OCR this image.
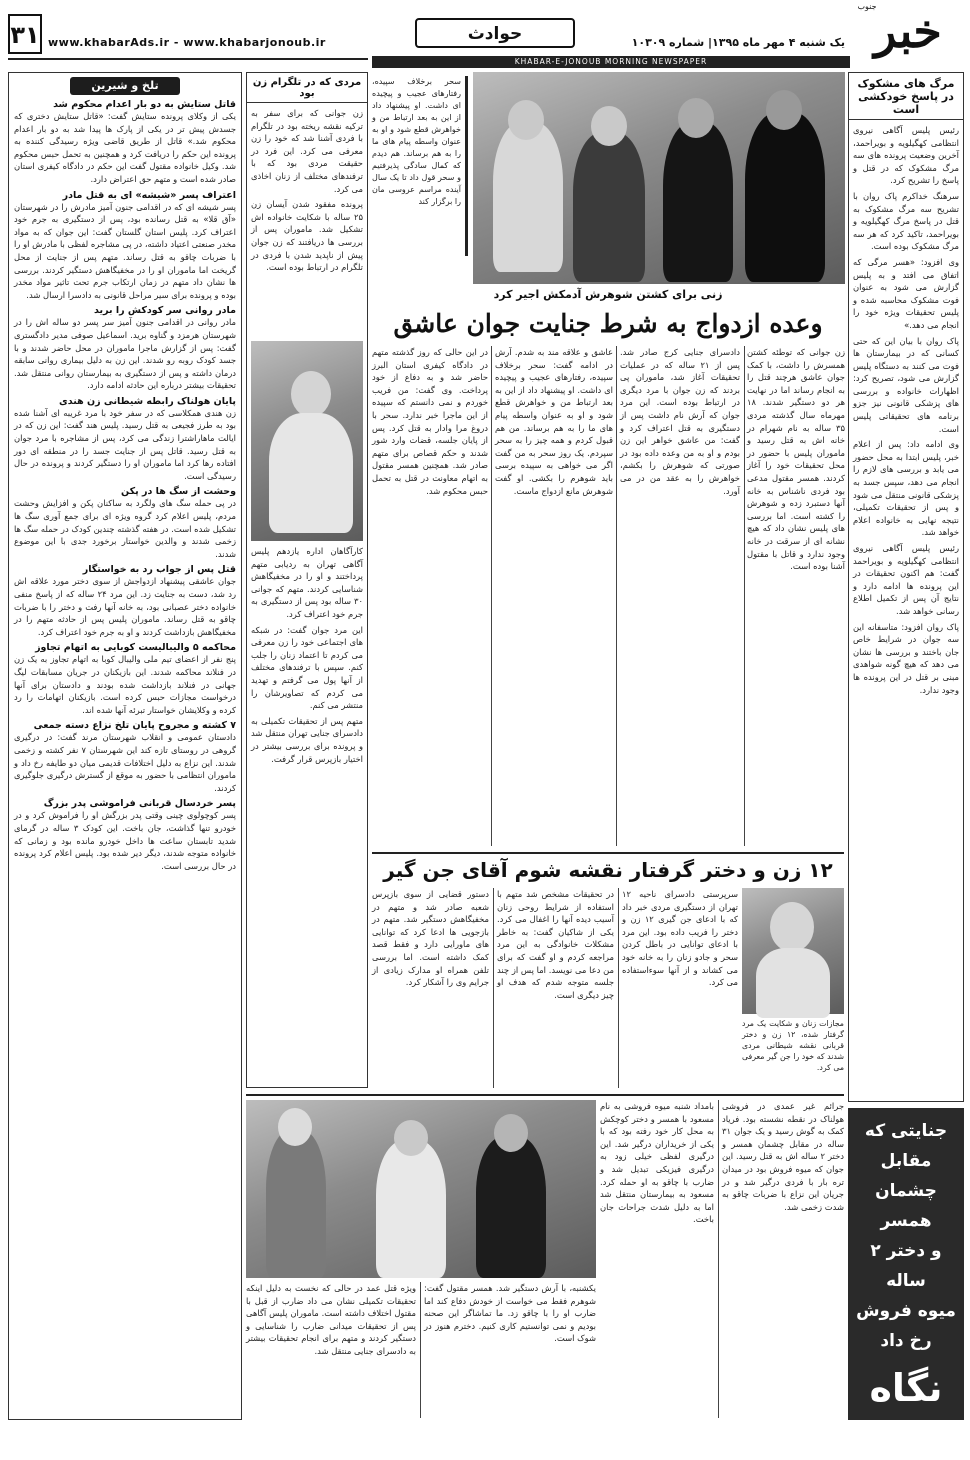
۳۱ www.khabarAds.ir - www.khabarjonoub.ir	حوادث	یک شنبه ۴ مهر ماه ۱۳۹۵| شماره ۱۰۳۰۹ خبر
جنوب
KHABAR-E-JONOUB MORNING NEWSPAPER
مرگ های مشکوک
در پاسخ خودکشی است

رئیس پلیس آگاهی نیروی انتظامی کهگیلویه و بویراحمد، آخرین وضعیت پرونده های سه مرگ مشکوک که در قتل و پاسخ را تشریح کرد.

سرهنگ خداکرم پاک روان با تشریح سه مرگ مشکوک به قتل در پاسخ مرگ کهگیلویه و بویراحمد، تاکید کرد که هر سه مرگ مشکوک بوده است.

وی افزود: «هسر مرگی که اتفاق می افتد و به پلیس گزارش می شود به عنوان فوت مشکوک محاسبه شده و پلیس تحقیقات ویژه خود را انجام می دهد.»

پاک روان با بیان این که حتی کسانی که در بیمارستان ها فوت می کنند به دستگاه پلیس گزارش می شود، تصریح کرد: اظهارات خانواده و بررسی های پزشکی قانونی نیز جزو برنامه های تحقیقاتی پلیس است.

وی ادامه داد: پس از اعلام خبر، پلیس ابتدا به محل حضور می یابد و بررسی های لازم را انجام می دهد، سپس جسد به پزشکی قانونی منتقل می شود و پس از تحقیقات تکمیلی، نتیجه نهایی به خانواده اعلام خواهد شد.

رئیس پلیس آگاهی نیروی انتظامی کهگیلویه و بویراحمد گفت: هم اکنون تحقیقات در این پرونده ها ادامه دارد و نتایج آن پس از تکمیل اطلاع رسانی خواهد شد.

پاک روان افزود: متاسفانه این سه جوان در شرایط خاص جان باختند و بررسی ها نشان می دهد که هیچ گونه شواهدی مبنی بر قتل در این پرونده ها وجود ندارد.

جنایتی که مقابل
چشمان همسر
و دختر ۲ ساله
میوه فروش
رخ داد
نگاه
خونبار!
سحر برخلاف سپیده، رفتارهای عجیب و پیچیده ای داشت. او پیشنهاد داد از این به بعد ارتباط من و خواهرش قطع شود و او به عنوان واسطه پیام های ما را به هم برساند. هم دیدم که کمال سادگی پذیرفتیم و سحر قول داد تا یک سال آینده مراسم عروسی مان را برگزار کند
زنی برای کشتن شوهرش آدمکش اجیر کرد
وعده ازدواج به شرط جنایت جوان عاشق
زن جوانی که توطئه کشتن همسرش را داشت، با کمک جوان عاشق هرچند قتل را به انجام رساند اما در نهایت هر دو دستگیر شدند. ۱۸ مهرماه سال گذشته مردی ۳۵ ساله به نام شهرام در خانه اش به قتل رسید و ماموران پلیس با حضور در محل تحقیقات خود را آغاز کردند. همسر مقتول مدعی بود فردی ناشناس به خانه آنها دستبرد زده و شوهرش را کشته است. اما بررسی های پلیس نشان داد که هیچ نشانه ای از سرقت در خانه وجود ندارد و قاتل با مقتول آشنا بوده است.
دادسرای جنایی کرج صادر شد. پس از ۲۱ ساله که در عملیات تحقیقات آغاز شد، ماموران پی بردند که زن جوان با مرد دیگری در ارتباط بوده است. این مرد جوان که آرش نام داشت پس از دستگیری به قتل اعتراف کرد و گفت: من عاشق خواهر این زن بودم و او به من وعده داده بود در صورتی که شوهرش را بکشم، خواهرش را به عقد من در می آورد.
عاشق و علاقه مند به شدم. آرش در ادامه گفت: سحر برخلاف سپیده، رفتارهای عجیب و پیچیده ای داشت. او پیشنهاد داد از این به بعد ارتباط من و خواهرش قطع شود و او به عنوان واسطه پیام های ما را به هم برساند. من هم قبول کردم و همه چیز را به سحر سپردم. یک روز سحر به من گفت اگر می خواهی به سپیده برسی باید شوهرم را بکشی. او گفت شوهرش مانع ازدواج ماست.
در این حالی که روز گذشته متهم در دادگاه کیفری استان البرز حاضر شد و به دفاع از خود پرداخت. وی گفت: من فریب خوردم و نمی دانستم که سپیده از این ماجرا خبر ندارد. سحر با دروغ مرا وادار به قتل کرد. پس از پایان جلسه، قضات وارد شور شدند و حکم قصاص برای متهم صادر شد. همچنین همسر مقتول به اتهام معاونت در قتل به تحمل حبس محکوم شد.
۱۲ زن و دختر گرفتار نقشه شوم آقای جن گیر
مجازات زنان و شکایت یک مرد گرفتار شده، ۱۲ زن و دختر قربانی نقشه شیطانی مردی شدند که خود را جن گیر معرفی می کرد.
سرپرستی دادسرای ناحیه ۱۲ تهران از دستگیری مردی خبر داد که با ادعای جن گیری ۱۲ زن و دختر را فریب داده بود. این مرد با ادعای توانایی در باطل کردن سحر و جادو زنان را به خانه خود می کشاند و از آنها سوءاستفاده می کرد.
در تحقیقات مشخص شد متهم با استفاده از شرایط روحی زنان آسیب دیده آنها را اغفال می کرد. یکی از شاکیان گفت: به خاطر مشکلات خانوادگی به این مرد مراجعه کردم و او گفت که برای من دعا می نویسد. اما پس از چند جلسه متوجه شدم که هدف او چیز دیگری است.
دستور قضایی از سوی بازپرس شعبه صادر شد و متهم در مخفیگاهش دستگیر شد. متهم در بازجویی ها ادعا کرد که توانایی های ماورایی دارد و فقط قصد کمک داشته است. اما بررسی تلفن همراه او مدارک زیادی از جرایم وی را آشکار کرد.
مردی که در تلگرام زن بود

زن جوانی که برای سفر به ترکیه نقشه ریخته بود در تلگرام با فردی آشنا شد که خود را زن معرفی می کرد. این فرد در حقیقت مردی بود که با ترفندهای مختلف از زنان اخاذی می کرد.

پرونده مفقود شدن آیسان زن ۲۵ ساله با شکایت خانواده اش تشکیل شد. ماموران پس از بررسی ها دریافتند که زن جوان پیش از ناپدید شدن با فردی در تلگرام در ارتباط بوده است.

کارآگاهان اداره یازدهم پلیس آگاهی تهران به ردیابی متهم پرداختند و او را در مخفیگاهش شناسایی کردند. متهم که جوانی ۳۰ ساله بود پس از دستگیری به جرم خود اعتراف کرد.

این مرد جوان گفت: در شبکه های اجتماعی خود را زن معرفی می کردم تا اعتماد زنان را جلب کنم. سپس با ترفندهای مختلف از آنها پول می گرفتم و تهدید می کردم که تصاویرشان را منتشر می کنم.

متهم پس از تحقیقات تکمیلی به دادسرای جنایی تهران منتقل شد و پرونده برای بررسی بیشتر در اختیار بازپرس قرار گرفت.

تلخ و شیرین
قاتل ستایش به دو بار اعدام محکوم شد
یکی از وکلای پرونده ستایش گفت: «قاتل ستایش دختری که جسدش پیش ‌تر در یکی از پارک ها پیدا شد به دو بار اعدام محکوم شد.» قاتل از طریق قاضی ویژه رسیدگی کننده به پرونده این حکم را دریافت کرد و همچنین به تحمل حبس محکوم شد. وکیل خانواده مقتول گفت این حکم در دادگاه کیفری استان صادر شده است و متهم حق اعتراض دارد.
اعتراف پسر «شیشه» ای به قتل مادر
پسر شیشه ای که در اقدامی جنون آمیز مادرش را در شهرستان «آق قلا» به قتل رسانده بود، پس از دستگیری به جرم خود اعتراف کرد. پلیس استان گلستان گفت: این جوان که به مواد مخدر صنعتی اعتیاد داشته، در پی مشاجره لفظی با مادرش او را با ضربات چاقو به قتل رساند. متهم پس از جنایت از محل گریخت اما ماموران او را در مخفیگاهش دستگیر کردند. بررسی ها نشان داد متهم در زمان ارتکاب جرم تحت تاثیر مواد مخدر بوده و پرونده برای سیر مراحل قانونی به دادسرا ارسال شد.
مادر روانی سر کودکش را برید
مادر روانی در اقدامی جنون آمیز سر پسر دو ساله اش را در شهرستان هرمزد و گناوه برید. اسماعیل صوفی مدیر دادگستری گفت: پس از گزارش ماجرا ماموران در محل حاضر شدند و با جسد کودک روبه رو شدند. این زن به دلیل بیماری روانی سابقه درمان داشته و پس از دستگیری به بیمارستان روانی منتقل شد. تحقیقات بیشتر درباره این حادثه ادامه دارد.
پایان هولناک رابطه شیطانی زن هندی
زن هندی همکلاسی که در سفر خود با مرد غریبه ای آشنا شده بود به طرز فجیعی به قتل رسید. پلیس هند گفت: این زن که در ایالت ماهاراشترا زندگی می کرد، پس از مشاجره با مرد جوان به قتل رسید. قاتل پس از جنایت جسد را در منطقه ای دور افتاده رها کرد اما ماموران او را دستگیر کردند و پرونده در حال رسیدگی است.
وحشت از سگ ها در پکن
در پی حمله سگ های ولگرد به ساکنان پکن و افزایش وحشت مردم، پلیس اعلام کرد گروه ویژه ای برای جمع آوری سگ ها تشکیل شده است. در هفته گذشته چندین کودک در حمله سگ ها زخمی شدند و والدین خواستار برخورد جدی با این موضوع شدند.
قتل پس از جواب رد به خواستگار
جوان عاشقی پیشنهاد ازدواجش از سوی دختر مورد علاقه اش رد شد، دست به جنایت زد. این مرد ۲۴ ساله که از پاسخ منفی خانواده دختر عصبانی بود، به خانه آنها رفت و دختر را با ضربات چاقو به قتل رساند. ماموران پلیس پس از حادثه متهم را در مخفیگاهش بازداشت کردند و او به جرم خود اعتراف کرد.
محاکمه ۵ والیبالیست کوبایی به اتهام تجاوز
پنج نفر از اعضای تیم ملی والیبال کوبا به اتهام تجاوز به یک زن در فنلاند محاکمه شدند. این بازیکنان در جریان مسابقات لیگ جهانی در فنلاند بازداشت شده بودند و دادستان برای آنها درخواست مجازات حبس کرده است. بازیکنان اتهامات را رد کرده و وکلایشان خواستار تبرئه آنها شده اند.
۷ کشته و مجروح پایان تلخ نزاع دسته جمعی
دادستان عمومی و انقلاب شهرستان مرند گفت: در درگیری گروهی در روستای تازه کند این شهرستان ۷ نفر کشته و زخمی شدند. این نزاع به دلیل اختلافات قدیمی میان دو طایفه رخ داد و ماموران انتظامی با حضور به موقع از گسترش درگیری جلوگیری کردند.
پسر خردسال قربانی فراموشی پدر بزرگ
پسر کوچولوی چینی وقتی پدر بزرگش او را فراموش کرد و در خودرو تنها گذاشت، جان باخت. این کودک ۳ ساله در گرمای شدید تابستان ساعت ها داخل خودرو مانده بود و زمانی که خانواده متوجه شدند، دیگر دیر شده بود. پلیس اعلام کرد پرونده در حال بررسی است.
جرائم غیر عمدی در فروشی هولناک در نقطه نشسته بود. فریاد کمک به گوش رسید و یک جوان ۳۱ ساله در مقابل چشمان همسر و دختر ۲ ساله اش به قتل رسید. این جوان که میوه فروش بود در میدان تره بار با فردی درگیر شد و در جریان این نزاع با ضربات چاقو به شدت زخمی شد.
بامداد شنبه میوه فروشی به نام مسعود با همسر و دختر کوچکش به محل کار خود رفته بود که با یکی از خریداران درگیر شد. این درگیری لفظی خیلی زود به درگیری فیزیکی تبدیل شد و ضارب با چاقو به او حمله کرد. مسعود به بیمارستان منتقل شد اما به دلیل شدت جراحات جان باخت.
یکشنبه، با آرش دستگیر شد. همسر مقتول گفت: شوهرم فقط می خواست از خودش دفاع کند اما ضارب او را با چاقو زد. ما تماشاگر این صحنه بودیم و نمی توانستیم کاری کنیم. دخترم هنوز در شوک است.
ویژه قتل عمد در حالی که نخست به دلیل اینکه تحقیقات تکمیلی نشان می داد ضارب از قبل با مقتول اختلاف داشته است. ماموران پلیس آگاهی پس از تحقیقات میدانی ضارب را شناسایی و دستگیر کردند و متهم برای انجام تحقیقات بیشتر به دادسرای جنایی منتقل شد.
